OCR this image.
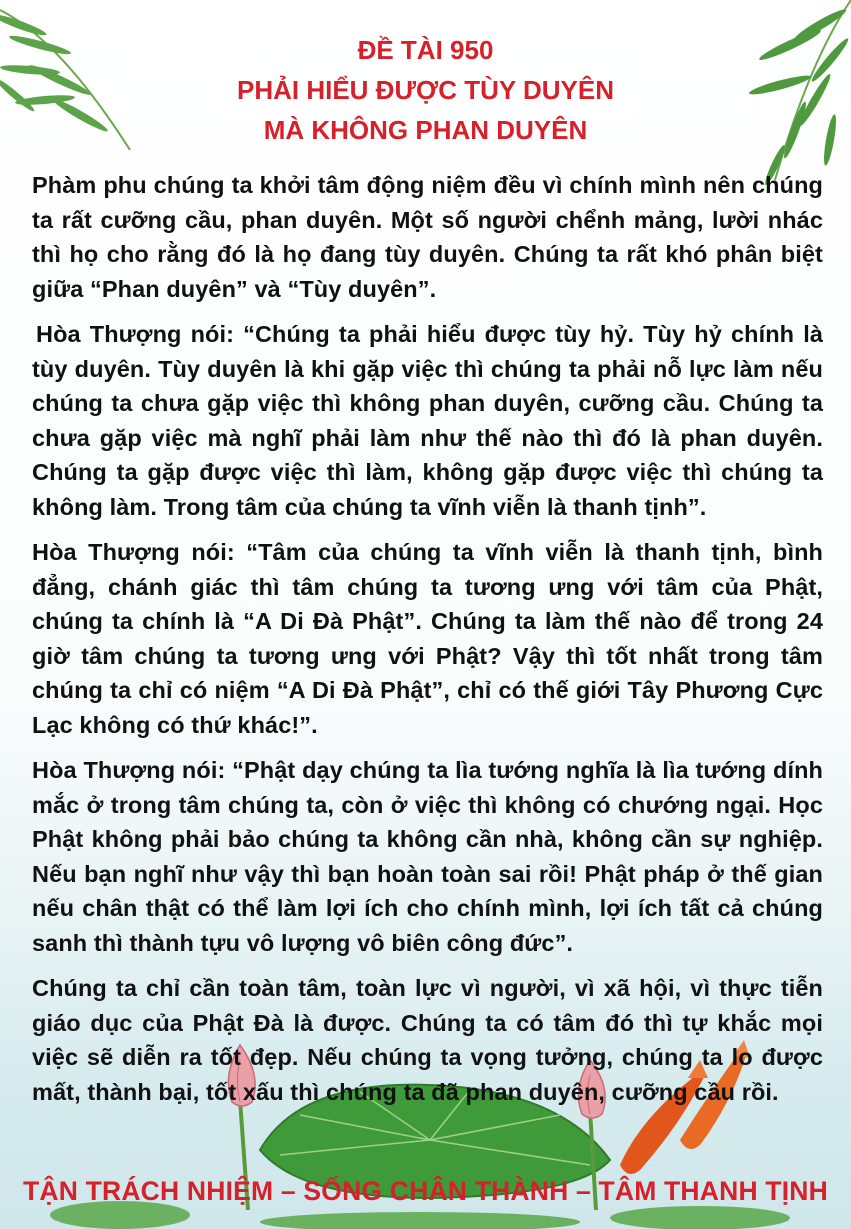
ĐỀ TÀI 950
PHẢI HIỂU ĐƯỢC TÙY DUYÊN
MÀ KHÔNG PHAN DUYÊN

Phàm phu chúng ta khởi tâm động niệm đều vì chính mình nên chúng ta rất cưỡng cầu, phan duyên. Một số người chểnh mảng, lười nhác thì họ cho rằng đó là họ đang tùy duyên. Chúng ta rất khó phân biệt giữa “Phan duyên” và “Tùy duyên”.

Hòa Thượng nói: “Chúng ta phải hiểu được tùy hỷ. Tùy hỷ chính là tùy duyên. Tùy duyên là khi gặp việc thì chúng ta phải nỗ lực làm nếu chúng ta chưa gặp việc thì không phan duyên, cưỡng cầu. Chúng ta chưa gặp việc mà nghĩ phải làm như thế nào thì đó là phan duyên. Chúng ta gặp được việc thì làm, không gặp được việc thì chúng ta không làm. Trong tâm của chúng ta vĩnh viễn là thanh tịnh”.

Hòa Thượng nói: “Tâm của chúng ta vĩnh viễn là thanh tịnh, bình đẳng, chánh giác thì tâm chúng ta tương ưng với tâm của Phật, chúng ta chính là “A Di Đà Phật”. Chúng ta làm thế nào để trong 24 giờ tâm chúng ta tương ưng với Phật? Vậy thì tốt nhất trong tâm chúng ta chỉ có niệm “A Di Đà Phật”, chỉ có thế giới Tây Phương Cực Lạc không có thứ khác!”.

Hòa Thượng nói: “Phật dạy chúng ta lìa tướng nghĩa là lìa tướng dính mắc ở trong tâm chúng ta, còn ở việc thì không có chướng ngại. Học Phật không phải bảo chúng ta không cần nhà, không cần sự nghiệp. Nếu bạn nghĩ như vậy thì bạn hoàn toàn sai rồi! Phật pháp ở thế gian nếu chân thật có thể làm lợi ích cho chính mình, lợi ích tất cả chúng sanh thì thành tựu vô lượng vô biên công đức”.

Chúng ta chỉ cần toàn tâm, toàn lực vì người, vì xã hội, vì thực tiễn giáo dục của Phật Đà là được. Chúng ta có tâm đó thì tự khắc mọi việc sẽ diễn ra tốt đẹp. Nếu chúng ta vọng tưởng, chúng ta lo được mất, thành bại, tốt xấu thì chúng ta đã phan duyên, cưỡng cầu rồi.

TẬN TRÁCH NHIỆM – SỐNG CHÂN THÀNH – TÂM THANH TỊNH
